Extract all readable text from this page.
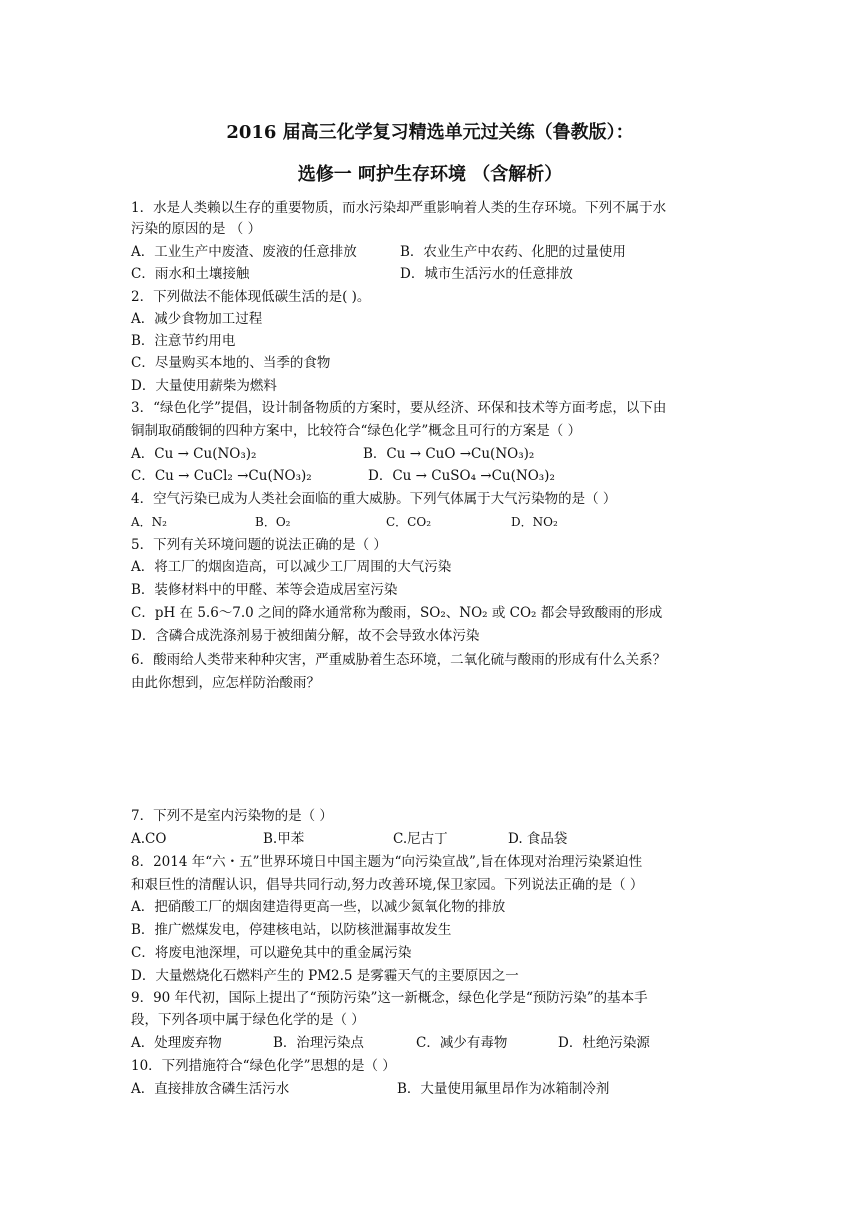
2016 届高三化学复习精选单元过关练（鲁教版）：
选修一 呵护生存环境 （含解析）
1．水是人类赖以生存的重要物质，而水污染却严重影响着人类的生存环境。下列不属于水
污染的原因的是 （ ）
A．工业生产中废渣、废液的任意排放	B．农业生产中农药、化肥的过量使用
C．雨水和土壤接触	D．城市生活污水的任意排放
2．下列做法不能体现低碳生活的是( )。
A．减少食物加工过程
B．注意节约用电
C．尽量购买本地的、当季的食物
D．大量使用薪柴为燃料
3．“绿色化学”提倡，设计制备物质的方案时，要从经济、环保和技术等方面考虑，以下由
铜制取硝酸铜的四种方案中，比较符合“绿色化学”概念且可行的方案是（ ）
A．Cu → Cu(NO₃)₂	B．Cu → CuO →Cu(NO₃)₂
C．Cu → CuCl₂ →Cu(NO₃)₂	D．Cu → CuSO₄ →Cu(NO₃)₂
4．空气污染已成为人类社会面临的重大威胁。下列气体属于大气污染物的是（ ）
A．N₂	B．O₂	C．CO₂	D．NO₂
5．下列有关环境问题的说法正确的是（ ）
A．将工厂的烟囱造高，可以减少工厂周围的大气污染
B．装修材料中的甲醛、苯等会造成居室污染
C．pH 在 5.6～7.0 之间的降水通常称为酸雨，SO₂、NO₂ 或 CO₂ 都会导致酸雨的形成
D．含磷合成洗涤剂易于被细菌分解，故不会导致水体污染
6．酸雨给人类带来种种灾害，严重威胁着生态环境，二氧化硫与酸雨的形成有什么关系？
由此你想到，应怎样防治酸雨？
7．下列不是室内污染物的是（ ）
A.CO	B.甲苯	C.尼古丁	D. 食品袋
8．2014 年“六・五”世界环境日中国主题为“向污染宣战”,旨在体现对治理污染紧迫性
和艰巨性的清醒认识，倡导共同行动,努力改善环境,保卫家园。下列说法正确的是（ ）
A．把硝酸工厂的烟囱建造得更高一些，以减少氮氧化物的排放
B．推广燃煤发电，停建核电站，以防核泄漏事故发生
C．将废电池深埋，可以避免其中的重金属污染
D．大量燃烧化石燃料产生的 PM2.5 是雾霾天气的主要原因之一
9．90 年代初，国际上提出了“预防污染”这一新概念，绿色化学是“预防污染”的基本手
段，下列各项中属于绿色化学的是（ ）
A．处理废弃物	B．治理污染点	C．减少有毒物	D．杜绝污染源
10．下列措施符合“绿色化学”思想的是（ ）
A．直接排放含磷生活污水	B．大量使用氟里昂作为冰箱制冷剂
